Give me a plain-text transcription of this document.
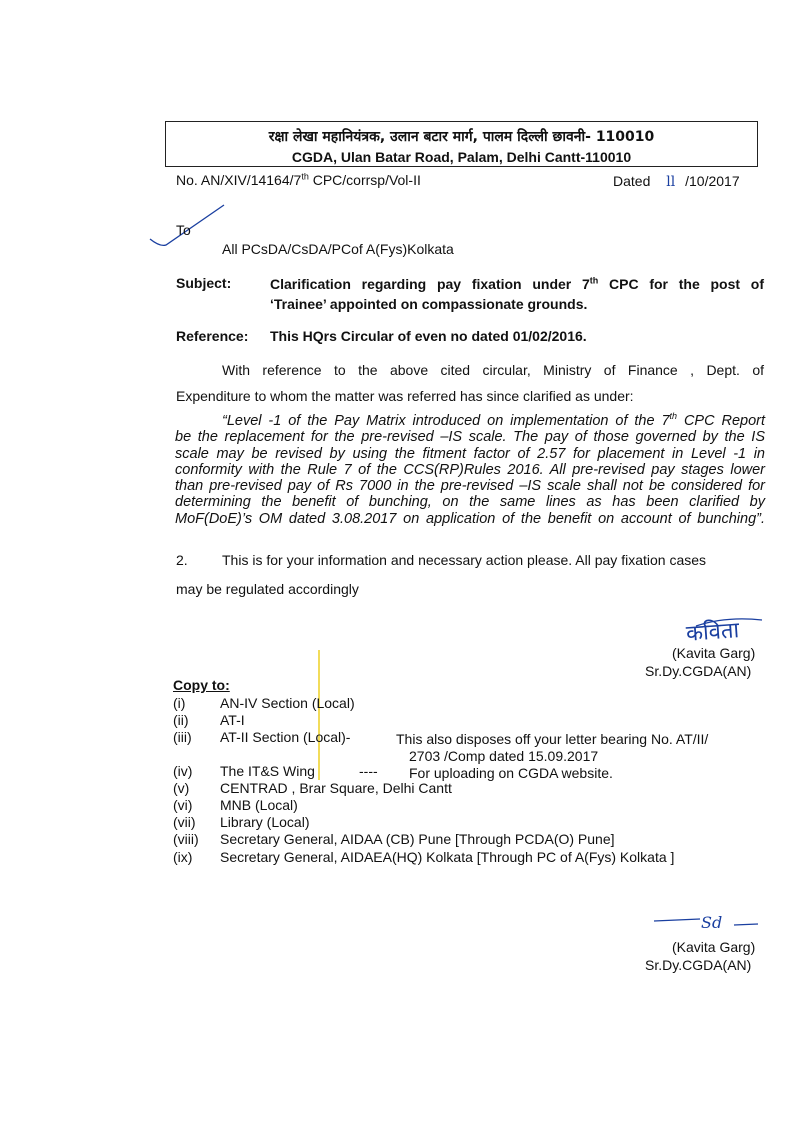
रक्षा लेखा महानियंत्रक, उलान बटार मार्ग, पालम दिल्ली छावनी- 110010
CGDA, Ulan Batar Road, Palam, Delhi Cantt-110010
No. AN/XIV/14164/7th CPC/corrsp/Vol-II	Dated ll /10/2017
To
All PCsDA/CsDA/PCof A(Fys)Kolkata
Subject:	Clarification regarding pay fixation under 7th CPC for the post of
‘Trainee’ appointed on compassionate grounds.
Reference: This HQrs Circular of even no dated 01/02/2016.
With reference to the above cited circular, Ministry of Finance , Dept. of
Expenditure to whom the matter was referred has since clarified as under:
“Level -1 of the Pay Matrix introduced on implementation of the 7th CPC Report
be the replacement for the pre-revised –IS scale. The pay of those governed by the IS
scale may be revised by using the fitment factor of 2.57 for placement in Level -1 in
conformity with the Rule 7 of the CCS(RP)Rules 2016. All pre-revised pay stages lower
than pre-revised pay of Rs 7000 in the pre-revised –IS scale shall not be considered for
determining the benefit of bunching, on the same lines as has been clarified by
MoF(DoE)’s OM dated 3.08.2017 on application of the benefit on account of bunching”.
2. This is for your information and necessary action please. All pay fixation cases
may be regulated accordingly
कविता
(Kavita Garg)
Sr.Dy.CGDA(AN)
Copy to:
(i) AN-IV Section (Local)
(ii) AT-I
(iii) AT-II Section (Local)-	This also disposes off your letter bearing No. AT/II/
2703 /Comp dated 15.09.2017
(iv) The IT&S Wing	---- For uploading on CGDA website.
(v) CENTRAD , Brar Square, Delhi Cantt
(vi) MNB (Local)
(vii) Library (Local)
(viii) Secretary General, AIDAA (CB) Pune [Through PCDA(O) Pune]
(ix) Secretary General, AIDAEA(HQ) Kolkata [Through PC of A(Fys) Kolkata ]
Sd
(Kavita Garg)
Sr.Dy.CGDA(AN)
